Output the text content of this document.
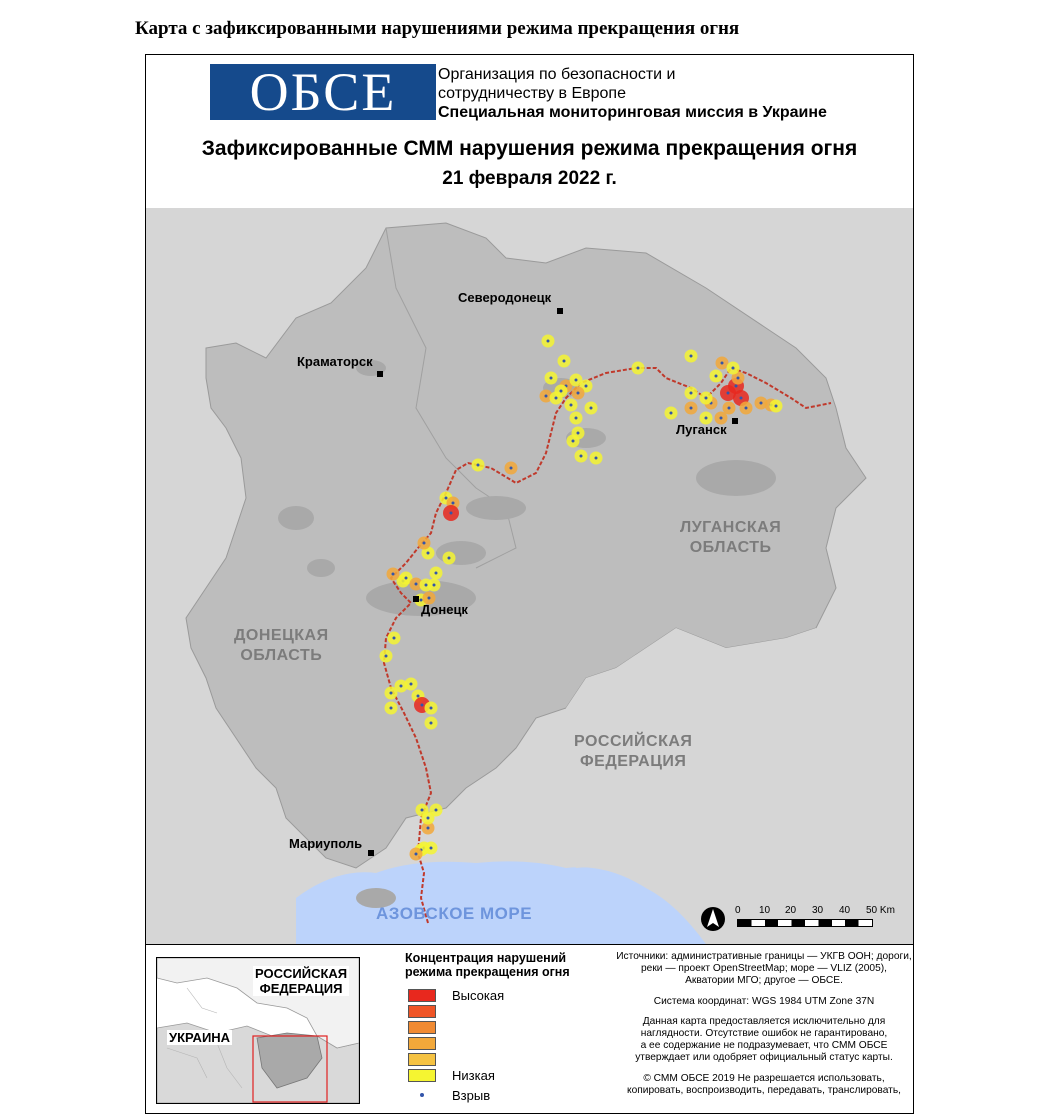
Карта с зафиксированными нарушениями режима прекращения огня
ОБСЕ	Организация по безопасности и
сотрудничеству в Европе
Специальная мониторинговая миссия в Украине
Зафиксированные СММ нарушения режима прекращения огня
21 февраля 2022 г.
Северодонецк
Краматорск
Луганск
Донецк
Мариуполь
ЛУГАНСКАЯ
ОБЛАСТЬ
ДОНЕЦКАЯ
ОБЛАСТЬ
РОССИЙСКАЯ
ФЕДЕРАЦИЯ
АЗОВСКОЕ МОРЕ	0 10 20 30 40 50 Km
РОССИЙСКАЯ
ФЕДЕРАЦИЯ
УКРАИНА
Концентрация нарушений
режима прекращения огня
Высокая
Низкая
Взрыв

Источники: административные границы — УКГВ ООН; дороги,
реки — проект OpenStreetMap; море — VLIZ (2005),
Акватории МГО; другое — ОБСЕ.

Система координат: WGS 1984 UTM Zone 37N

Данная карта предоставляется исключительно для
наглядности. Отсутствие ошибок не гарантировано,
а ее содержание не подразумевает, что СММ ОБСЕ
утверждает или одобряет официальный статус карты.

© СММ ОБСЕ 2019 Не разрешается использовать,
копировать, воспроизводить, передавать, транслировать,
